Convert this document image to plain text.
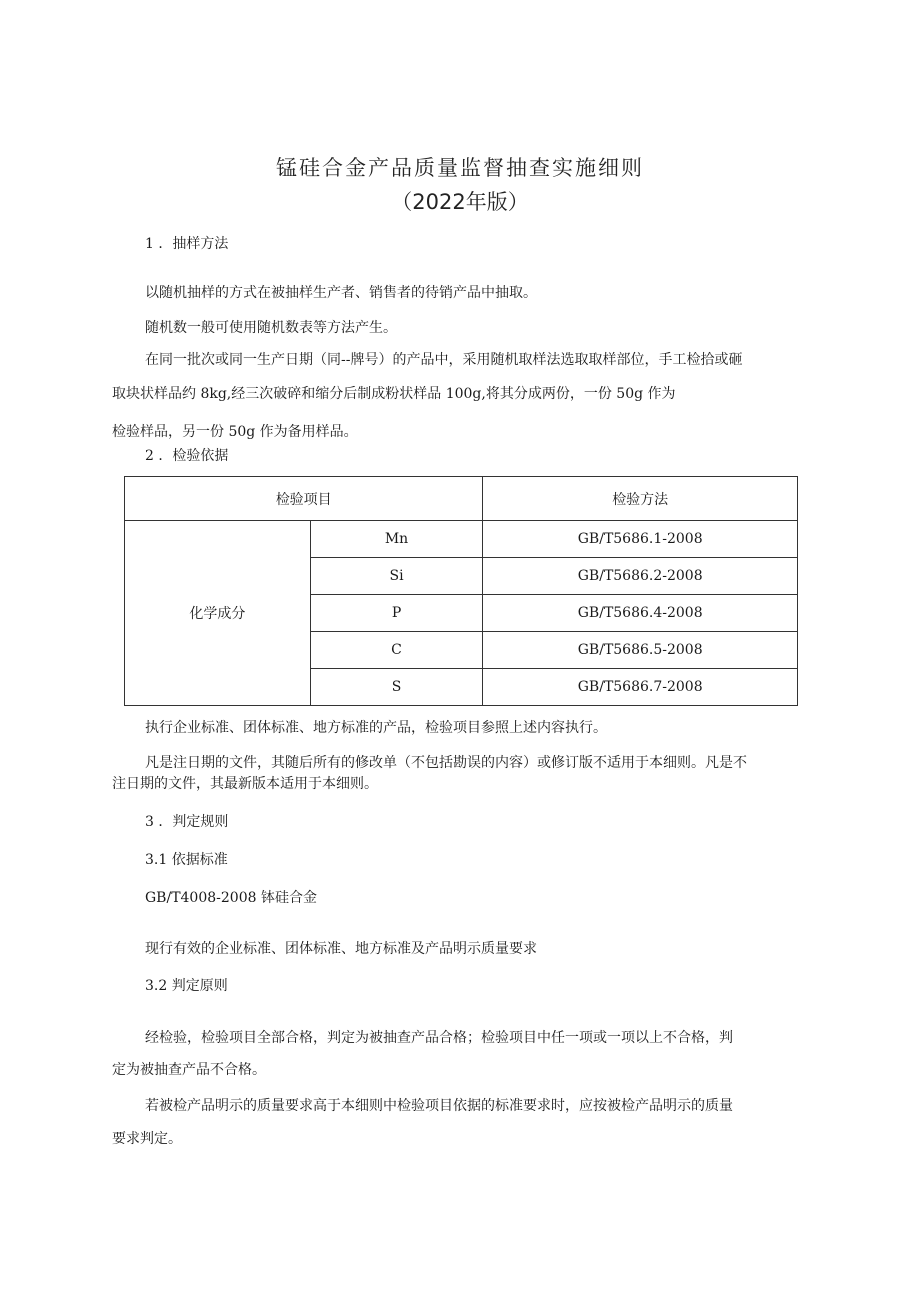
锰硅合金产品质量监督抽查实施细则
（2022年版）
1 ．抽样方法
以随机抽样的方式在被抽样生产者、销售者的待销产品中抽取。
随机数一般可使用随机数表等方法产生。
在同一批次或同一生产日期（同--牌号）的产品中，采用随机取样法选取取样部位，手工检拾或砸
取块状样品约 8kg,经三次破碎和缩分后制成粉状样品 100g,将其分成两份，一份 50g 作为
检验样品，另一份 50g 作为备用样品。
2 ．检验依据
检验项目		检验方法
化学成分	Mn	GB/T5686.1-2008
	Si	GB/T5686.2-2008
	P	GB/T5686.4-2008
	C	GB/T5686.5-2008
	S	GB/T5686.7-2008
执行企业标准、团体标准、地方标准的产品，检验项目参照上述内容执行。
凡是注日期的文件，其随后所有的修改单（不包括勘误的内容）或修订版不适用于本细则。凡是不
注日期的文件，其最新版本适用于本细则。
3 ．判定规则
3.1 依据标准
GB/T4008-2008 钵硅合金
现行有效的企业标准、团体标准、地方标准及产品明示质量要求
3.2 判定原则
经检验，检验项目全部合格，判定为被抽查产品合格；检验项目中任一项或一项以上不合格，判
定为被抽查产品不合格。
若被检产品明示的质量要求高于本细则中检验项目依据的标准要求时，应按被检产品明示的质量
要求判定。
